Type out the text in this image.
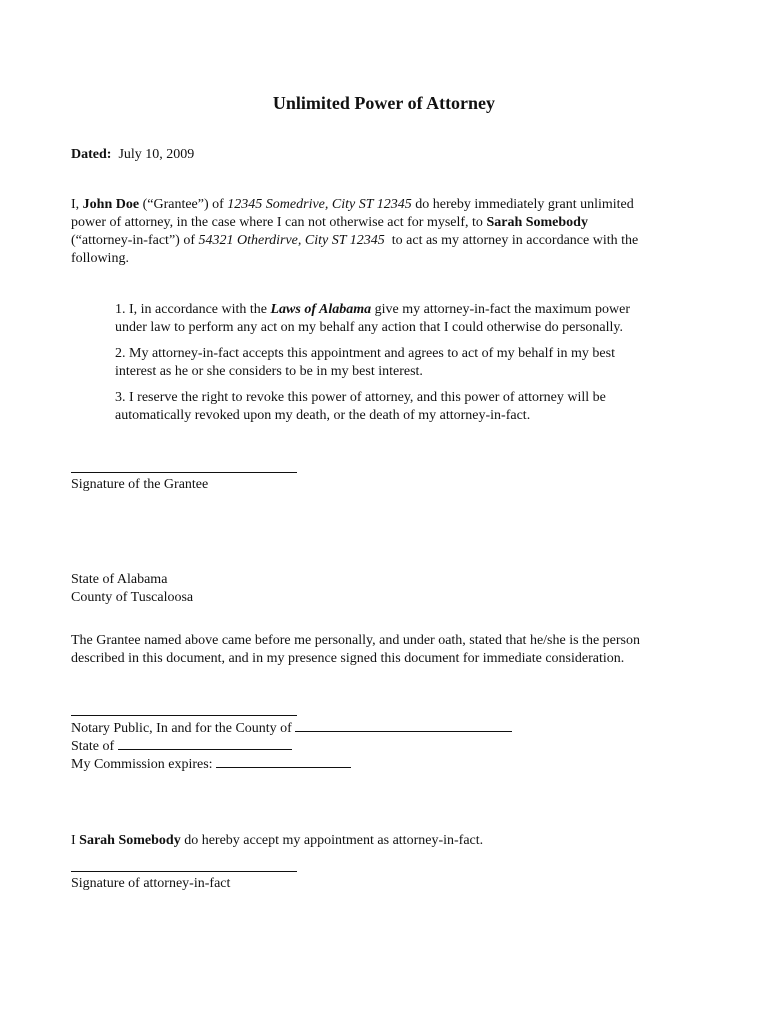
Unlimited Power of Attorney
Dated: July 10, 2009
I, John Doe (“Grantee”) of 12345 Somedrive, City ST 12345 do hereby immediately grant unlimited
power of attorney, in the case where I can not otherwise act for myself, to Sarah Somebody
(“attorney-in-fact”) of 54321 Otherdirve, City ST 12345  to act as my attorney in accordance with the
following.
1. I, in accordance with the Laws of Alabama give my attorney-in-fact the maximum power
under law to perform any act on my behalf any action that I could otherwise do personally.
2. My attorney-in-fact accepts this appointment and agrees to act of my behalf in my best
interest as he or she considers to be in my best interest.
3. I reserve the right to revoke this power of attorney, and this power of attorney will be
automatically revoked upon my death, or the death of my attorney-in-fact.
Signature of the Grantee
State of Alabama
County of Tuscaloosa
The Grantee named above came before me personally, and under oath, stated that he/she is the person
described in this document, and in my presence signed this document for immediate consideration.
Notary Public, In and for the County of
State of
My Commission expires:
I Sarah Somebody do hereby accept my appointment as attorney-in-fact.
Signature of attorney-in-fact
